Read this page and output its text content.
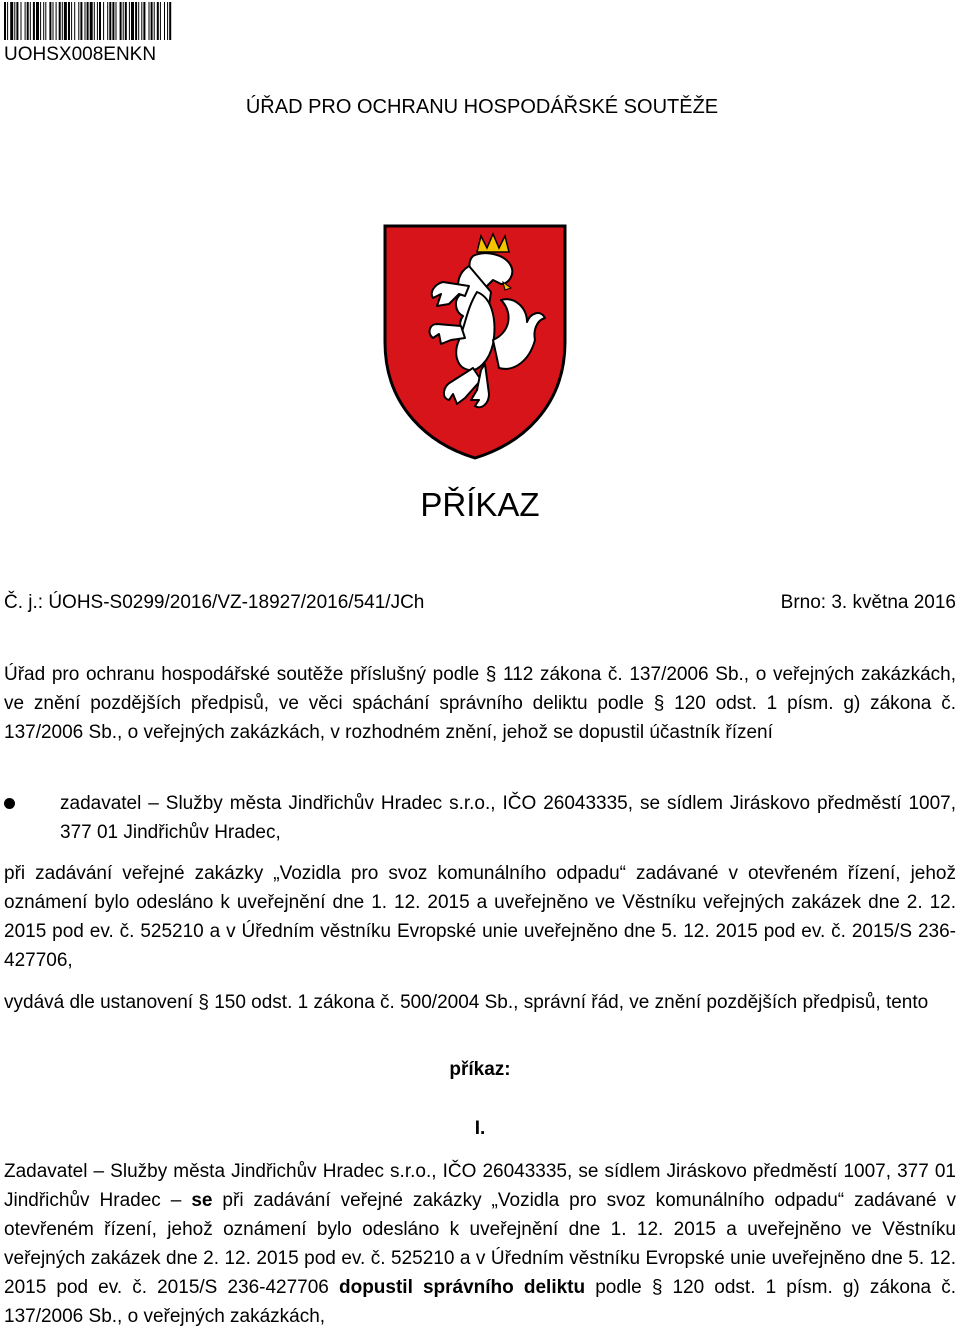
UOHSX008ENKN
ÚŘAD PRO OCHRANU HOSPODÁŘSKÉ SOUTĚŽE
PŘÍKAZ
Č. j.: ÚOHS-S0299/2016/VZ-18927/2016/541/JCh	Brno: 3. května 2016
Úřad pro ochranu hospodářské soutěže příslušný podle § 112 zákona č. 137/2006 Sb., o veřejných zakázkách, ve znění pozdějších předpisů, ve věci spáchání správního deliktu podle § 120 odst. 1 písm. g) zákona č. 137/2006 Sb., o veřejných zakázkách, v rozhodném znění, jehož se dopustil účastník řízení
zadavatel – Služby města Jindřichův Hradec s.r.o., IČO 26043335, se sídlem Jiráskovo předměstí 1007, 377 01 Jindřichův Hradec,
při zadávání veřejné zakázky „Vozidla pro svoz komunálního odpadu“ zadávané v otevřeném řízení, jehož oznámení bylo odesláno k uveřejnění dne 1. 12. 2015 a uveřejněno ve Věstníku veřejných zakázek dne 2. 12. 2015 pod ev. č. 525210 a v Úředním věstníku Evropské unie uveřejněno dne 5. 12. 2015 pod ev. č. 2015/S 236-427706,
vydává dle ustanovení § 150 odst. 1 zákona č. 500/2004 Sb., správní řád, ve znění pozdějších předpisů, tento
příkaz:
I.
Zadavatel – Služby města Jindřichův Hradec s.r.o., IČO 26043335, se sídlem Jiráskovo předměstí 1007, 377 01 Jindřichův Hradec – se při zadávání veřejné zakázky „Vozidla pro svoz komunálního odpadu“ zadávané v otevřeném řízení, jehož oznámení bylo odesláno k uveřejnění dne 1. 12. 2015 a uveřejněno ve Věstníku veřejných zakázek dne 2. 12. 2015 pod ev. č. 525210 a v Úředním věstníku Evropské unie uveřejněno dne 5. 12. 2015 pod ev. č. 2015/S 236-427706 dopustil správního deliktu podle § 120 odst. 1 písm. g) zákona č. 137/2006 Sb., o veřejných zakázkách,
